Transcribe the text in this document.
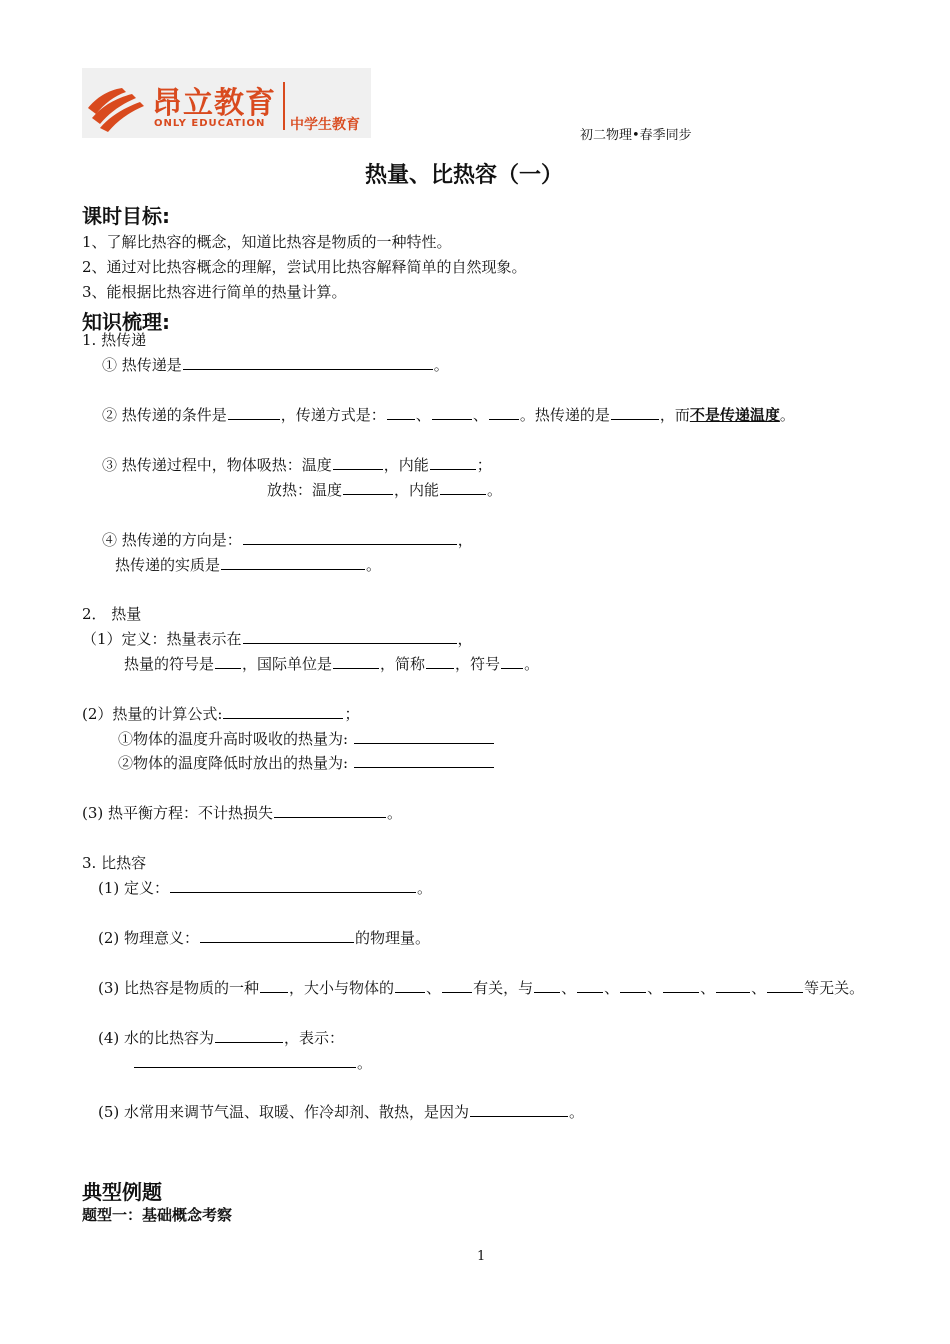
昂立教育
ONLY EDUCATION 中学生教育
初二物理•春季同步
热量、比热容（一）
课时目标:
1、了解比热容的概念，知道比热容是物质的一种特性。
2、通过对比热容概念的理解，尝试用比热容解释简单的自然现象。
3、能根据比热容进行简单的热量计算。
知识梳理:
1. 热传递
① 热传递是	。
② 热传递的条件是	，传递方式是： 、	、 。热传递的是	，而不是传递温度。
③ 热传递过程中，物体吸热：温度	，内能	；
放热：温度	，内能	。
④ 热传递的方向是：	，
热传递的实质是	。
2． 热量
（1）定义：热量表示在	，
热量的符号是 ，国际单位是	，简称 ，符号 。
(2）热量的计算公式:	；
①物体的温度升高时吸收的热量为:
②物体的温度降低时放出的热量为:
(3) 热平衡方程：不计热损失	。
3. 比热容
(1) 定义：	。
(2) 物理意义：	的物理量。
(3) 比热容是物质的一种 ，大小与物体的 、 有关，与 、 、 、	、 、	等无关。
(4) 水的比热容为	，表示：
。
(5) 水常用来调节气温、取暖、作冷却剂、散热，是因为	。
典型例题
题型一：基础概念考察
1
